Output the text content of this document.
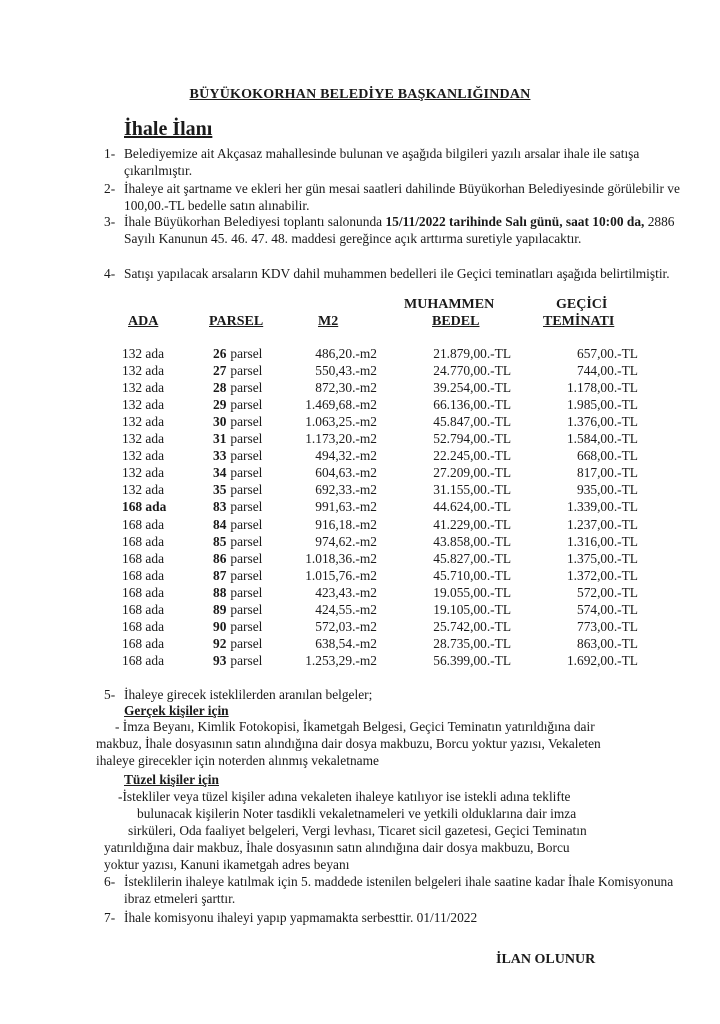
BÜYÜKOKORHAN BELEDİYE BAŞKANLIĞINDAN
İhale İlanı
1- Belediyemize ait Akçasaz mahallesinde bulunan ve aşağıda bilgileri yazılı arsalar ihale ile satışa çıkarılmıştır.
2- İhaleye ait şartname ve ekleri her gün mesai saatleri dahilinde Büyükorhan Belediyesinde görülebilir ve 100,00.-TL bedelle satın alınabilir.
3- İhale Büyükorhan Belediyesi toplantı salonunda 15/11/2022 tarihinde Salı günü, saat 10:00 da, 2886 Sayılı Kanunun 45. 46. 47. 48. maddesi gereğince açık arttırma suretiyle yapılacaktır.
4- Satışı yapılacak arsaların KDV dahil muhammen bedelleri ile Geçici teminatları aşağıda belirtilmiştir.
ADA	PARSEL	M2
MUHAMMEN
BEDEL
GEÇİCİ
TEMİNATI
132 ada	26 parsel	486,20.-m2	21.879,00.-TL	657,00.-TL
132 ada	27 parsel	550,43.-m2	24.770,00.-TL	744,00.-TL
132 ada	28 parsel	872,30.-m2	39.254,00.-TL	1.178,00.-TL
132 ada	29 parsel	1.469,68.-m2	66.136,00.-TL	1.985,00.-TL
132 ada	30 parsel	1.063,25.-m2	45.847,00.-TL	1.376,00.-TL
132 ada	31 parsel	1.173,20.-m2	52.794,00.-TL	1.584,00.-TL
132 ada	33 parsel	494,32.-m2	22.245,00.-TL	668,00.-TL
132 ada	34 parsel	604,63.-m2	27.209,00.-TL	817,00.-TL
132 ada	35 parsel	692,33.-m2	31.155,00.-TL	935,00.-TL
168 ada	83 parsel	991,63.-m2	44.624,00.-TL	1.339,00.-TL
168 ada	84 parsel	916,18.-m2	41.229,00.-TL	1.237,00.-TL
168 ada	85 parsel	974,62.-m2	43.858,00.-TL	1.316,00.-TL
168 ada	86 parsel	1.018,36.-m2	45.827,00.-TL	1.375,00.-TL
168 ada	87 parsel	1.015,76.-m2	45.710,00.-TL	1.372,00.-TL
168 ada	88 parsel	423,43.-m2	19.055,00.-TL	572,00.-TL
168 ada	89 parsel	424,55.-m2	19.105,00.-TL	574,00.-TL
168 ada	90 parsel	572,03.-m2	25.742,00.-TL	773,00.-TL
168 ada	92 parsel	638,54.-m2	28.735,00.-TL	863,00.-TL
168 ada	93 parsel	1.253,29.-m2	56.399,00.-TL	1.692,00.-TL
5- İhaleye girecek isteklilerden aranılan belgeler;
Gerçek kişiler için
- İmza Beyanı, Kimlik Fotokopisi, İkametgah Belgesi, Geçici Teminatın yatırıldığına dair
makbuz, İhale dosyasının satın alındığına dair dosya makbuzu, Borcu yoktur yazısı, Vekaleten
ihaleye girecekler için noterden alınmış vekaletname
Tüzel kişiler için
-İstekliler veya tüzel kişiler adına vekaleten ihaleye katılıyor ise istekli adına teklifte
bulunacak kişilerin Noter tasdikli vekaletnameleri ve yetkili olduklarına dair imza
sirküleri, Oda faaliyet belgeleri, Vergi levhası, Ticaret sicil gazetesi, Geçici Teminatın
yatırıldığına dair makbuz, İhale dosyasının satın alındığına dair dosya makbuzu, Borcu
yoktur yazısı, Kanuni ikametgah adres beyanı
6- İsteklilerin ihaleye katılmak için 5. maddede istenilen belgeleri ihale saatine kadar İhale Komisyonuna ibraz etmeleri şarttır.
7- İhale komisyonu ihaleyi yapıp yapmamakta serbesttir. 01/11/2022
İLAN OLUNUR
